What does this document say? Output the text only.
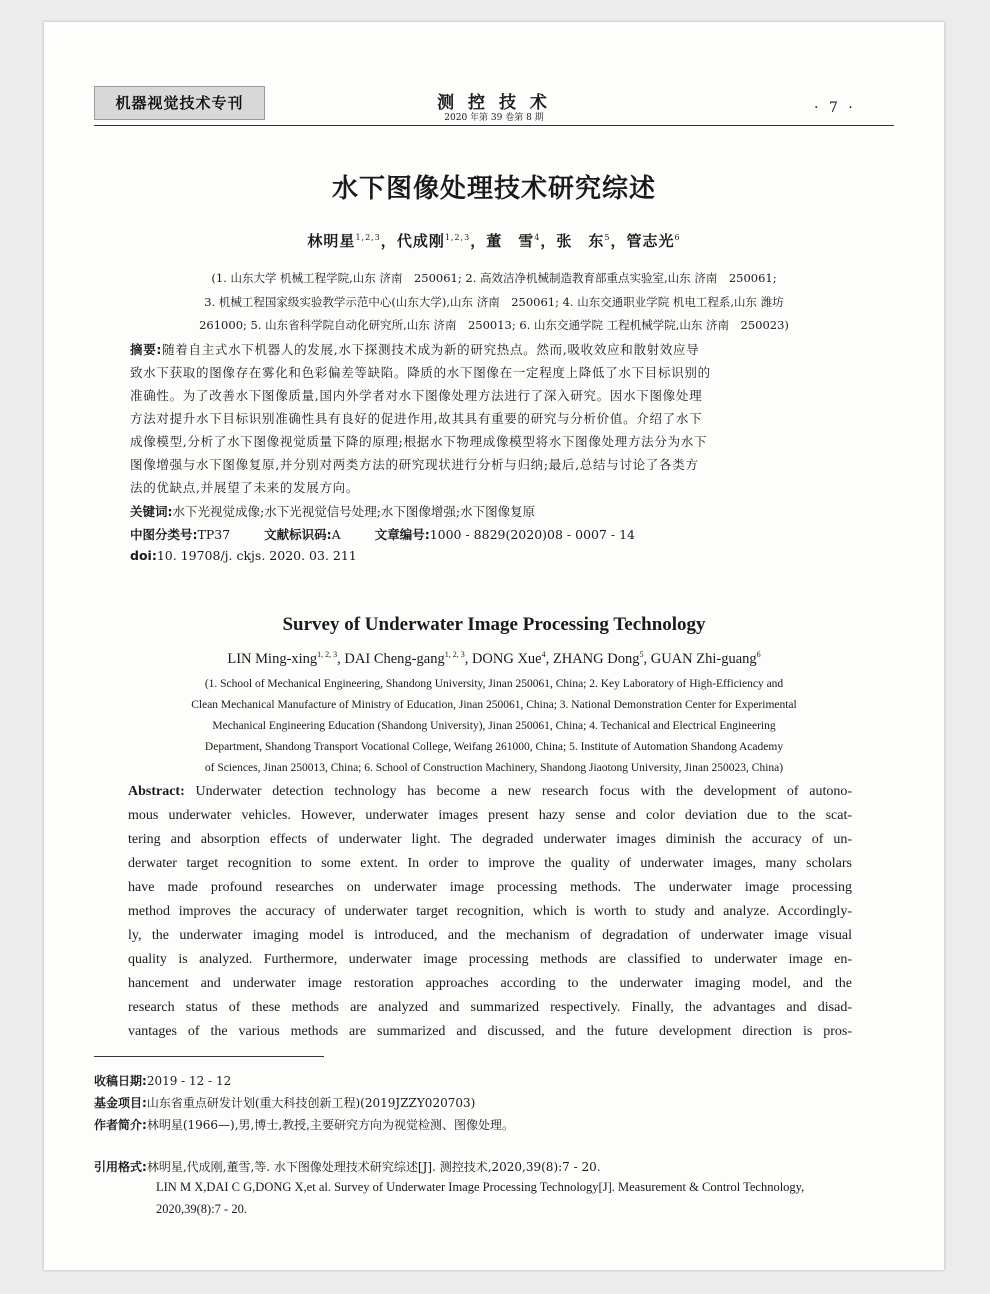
机器视觉技术专刊	测 控 技 术
2020 年第 39 卷第 8 期
· 7 ·
水下图像处理技术研究综述
林明星$^{1,2,3}$，代成刚$^{1,2,3}$，董　雪$^4$，张　东$^5$，管志光$^6$
(1. 山东大学 机械工程学院,山东 济南　250061; 2. 高效洁净机械制造教育部重点实验室,山东 济南　250061;
3. 机械工程国家级实验教学示范中心(山东大学),山东 济南　250061; 4. 山东交通职业学院 机电工程系,山东 潍坊
261000; 5. 山东省科学院自动化研究所,山东 济南　250013; 6. 山东交通学院 工程机械学院,山东 济南　250023)
摘要:随着自主式水下机器人的发展,水下探测技术成为新的研究热点。然而,吸收效应和散射效应导
致水下获取的图像存在雾化和色彩偏差等缺陷。降质的水下图像在一定程度上降低了水下目标识别的
准确性。为了改善水下图像质量,国内外学者对水下图像处理方法进行了深入研究。因水下图像处理
方法对提升水下目标识别准确性具有良好的促进作用,故其具有重要的研究与分析价值。介绍了水下
成像模型,分析了水下图像视觉质量下降的原理;根据水下物理成像模型将水下图像处理方法分为水下
图像增强与水下图像复原,并分别对两类方法的研究现状进行分析与归纳;最后,总结与讨论了各类方
法的优缺点,并展望了未来的发展方向。
关键词:水下光视觉成像;水下光视觉信号处理;水下图像增强;水下图像复原
中图分类号:TP37	文献标识码:A	文章编号:1000 - 8829(2020)08 - 0007 - 14
doi:10. 19708/j. ckjs. 2020. 03. 211
Survey of Underwater Image Processing Technology
LIN Ming-xing$^{1, 2, 3}$, DAI Cheng-gang$^{1, 2, 3}$, DONG Xue$^4$, ZHANG Dong$^5$, GUAN Zhi-guang$^6$
(1. School of Mechanical Engineering, Shandong University, Jinan 250061, China; 2. Key Laboratory of High-Efficiency and
Clean Mechanical Manufacture of Ministry of Education, Jinan 250061, China; 3. National Demonstration Center for Experimental
Mechanical Engineering Education (Shandong University), Jinan 250061, China; 4. Techanical and Electrical Engineering
Department, Shandong Transport Vocational College, Weifang 261000, China; 5. Institute of Automation Shandong Academy
of Sciences, Jinan 250013, China; 6. School of Construction Machinery, Shandong Jiaotong University, Jinan 250023, China)
Abstract: Underwater detection technology has become a new research focus with the development of autono-
mous underwater vehicles. However, underwater images present hazy sense and color deviation due to the scat-
tering and absorption effects of underwater light. The degraded underwater images diminish the accuracy of un-
derwater target recognition to some extent. In order to improve the quality of underwater images, many scholars
have made profound researches on underwater image processing methods. The underwater image processing
method improves the accuracy of underwater target recognition, which is worth to study and analyze. Accordingly-
ly, the underwater imaging model is introduced, and the mechanism of degradation of underwater image visual
quality is analyzed. Furthermore, underwater image processing methods are classified to underwater image en-
hancement and underwater image restoration approaches according to the underwater imaging model, and the
research status of these methods are analyzed and summarized respectively. Finally, the advantages and disad-
vantages of the various methods are summarized and discussed, and the future development direction is pros-
收稿日期:2019 - 12 - 12
基金项目:山东省重点研发计划(重大科技创新工程)(2019JZZY020703)
作者简介:林明星(1966—),男,博士,教授,主要研究方向为视觉检测、图像处理。
引用格式:林明星,代成刚,董雪,等. 水下图像处理技术研究综述[J]. 测控技术,2020,39(8):7 - 20.
LIN M X,DAI C G,DONG X,et al. Survey of Underwater Image Processing Technology[J]. Measurement & Control Technology,
2020,39(8):7 - 20.
